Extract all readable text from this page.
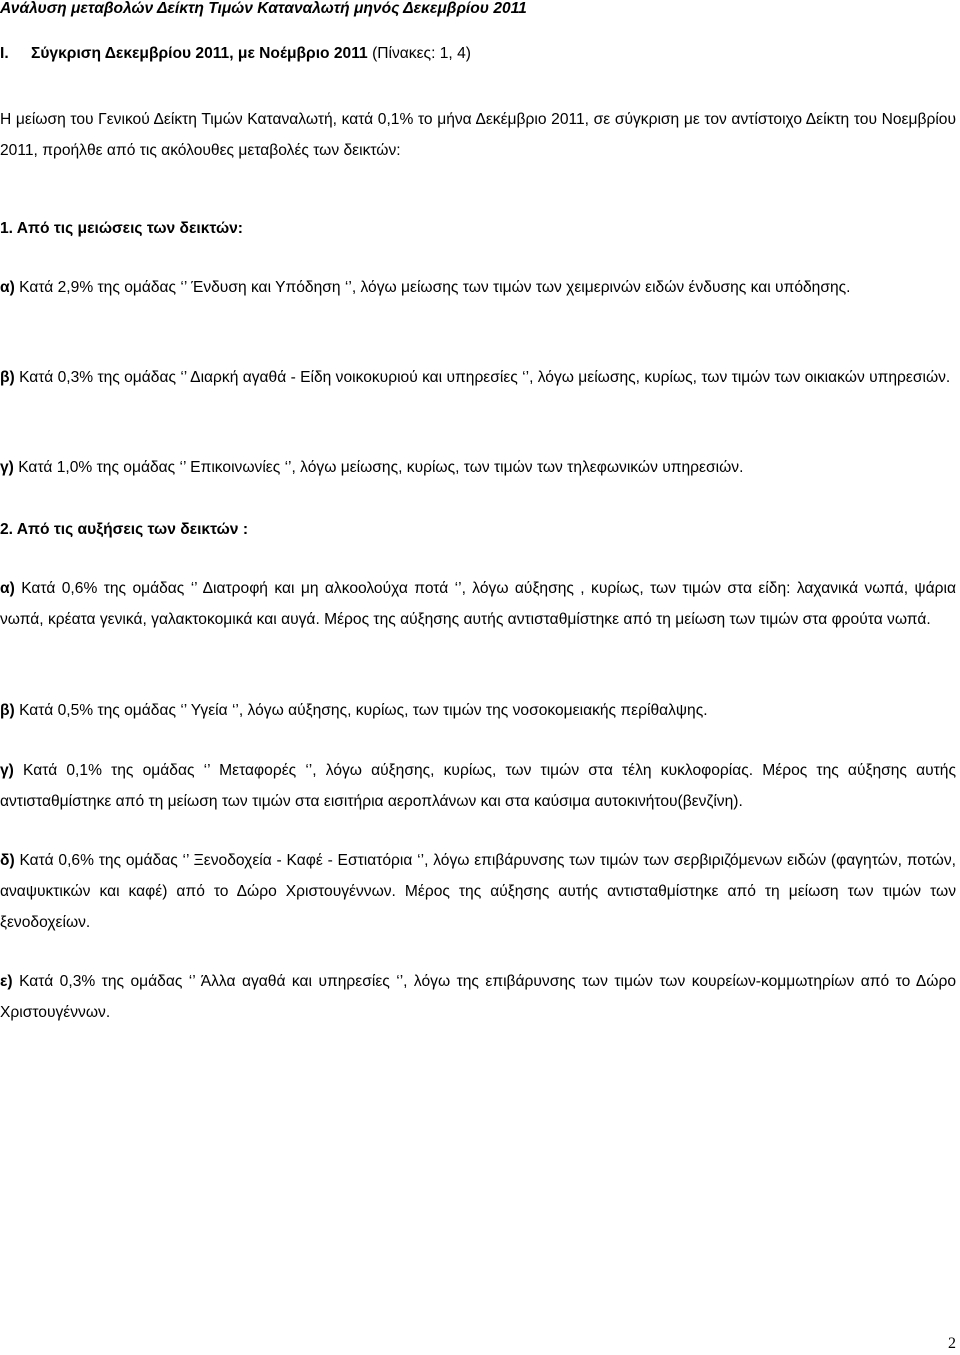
Ανάλυση μεταβολών Δείκτη Τιμών Καταναλωτή μηνός Δεκεμβρίου 2011
Ι. Σύγκριση Δεκεμβρίου 2011, με Νοέμβριο 2011 (Πίνακες: 1, 4)
Η μείωση του Γενικού Δείκτη Τιμών Καταναλωτή, κατά 0,1% το μήνα Δεκέμβριο 2011, σε σύγκριση με τον αντίστοιχο Δείκτη του Νοεμβρίου 2011, προήλθε από τις ακόλουθες μεταβολές των δεικτών:
1. Από τις μειώσεις των δεικτών:
α) Κατά 2,9% της ομάδας ‘’ Ένδυση και Υπόδηση ‘’, λόγω μείωσης των τιμών των χειμερινών ειδών ένδυσης και υπόδησης.
β) Κατά 0,3% της ομάδας ‘’ Διαρκή αγαθά - Είδη νοικοκυριού και υπηρεσίες ‘’, λόγω μείωσης, κυρίως, των τιμών των οικιακών υπηρεσιών.
γ) Κατά 1,0% της ομάδας ‘’ Επικοινωνίες ‘’, λόγω μείωσης, κυρίως, των τιμών των τηλεφωνικών υπηρεσιών.
2. Από τις αυξήσεις των δεικτών :
α) Κατά 0,6% της ομάδας ‘’ Διατροφή και μη αλκοολούχα ποτά ‘’, λόγω αύξησης , κυρίως, των τιμών στα είδη: λαχανικά νωπά, ψάρια νωπά, κρέατα γενικά, γαλακτοκομικά και αυγά. Μέρος της αύξησης αυτής αντισταθμίστηκε από τη μείωση των τιμών στα φρούτα νωπά.
β) Κατά 0,5% της ομάδας ‘’ Υγεία ‘’, λόγω αύξησης, κυρίως, των τιμών της νοσοκομειακής περίθαλψης.
γ) Κατά 0,1% της ομάδας ‘’ Μεταφορές ‘’, λόγω αύξησης, κυρίως, των τιμών στα τέλη κυκλοφορίας. Μέρος της αύξησης αυτής αντισταθμίστηκε από τη μείωση των τιμών στα εισιτήρια αεροπλάνων και στα καύσιμα αυτοκινήτου(βενζίνη).
δ) Κατά 0,6% της ομάδας ‘’ Ξενοδοχεία - Καφέ - Εστιατόρια ‘’, λόγω επιβάρυνσης των τιμών των σερβιριζόμενων ειδών (φαγητών, ποτών, αναψυκτικών και καφέ) από το Δώρο Χριστουγέννων. Μέρος της αύξησης αυτής αντισταθμίστηκε από τη μείωση των τιμών των ξενοδοχείων.
ε) Κατά 0,3% της ομάδας ‘’ Άλλα αγαθά και υπηρεσίες ‘’, λόγω της επιβάρυνσης των τιμών των κουρείων-κομμωτηρίων από το Δώρο Χριστουγέννων.
2
